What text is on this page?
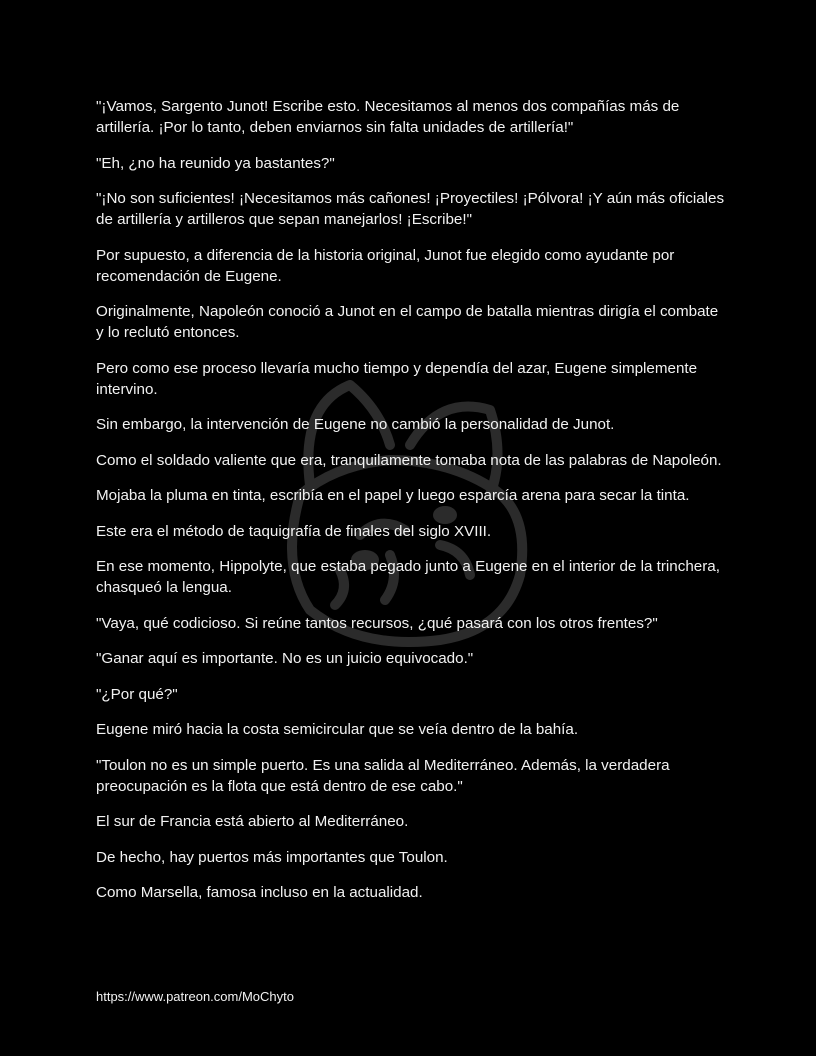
"¡Vamos, Sargento Junot! Escribe esto. Necesitamos al menos dos compañías más de artillería. ¡Por lo tanto, deben enviarnos sin falta unidades de artillería!"

"Eh, ¿no ha reunido ya bastantes?"

"¡No son suficientes! ¡Necesitamos más cañones! ¡Proyectiles! ¡Pólvora! ¡Y aún más oficiales de artillería y artilleros que sepan manejarlos! ¡Escribe!"

Por supuesto, a diferencia de la historia original, Junot fue elegido como ayudante por recomendación de Eugene.

Originalmente, Napoleón conoció a Junot en el campo de batalla mientras dirigía el combate y lo reclutó entonces.

Pero como ese proceso llevaría mucho tiempo y dependía del azar, Eugene simplemente intervino.

Sin embargo, la intervención de Eugene no cambió la personalidad de Junot.

Como el soldado valiente que era, tranquilamente tomaba nota de las palabras de Napoleón.

Mojaba la pluma en tinta, escribía en el papel y luego esparcía arena para secar la tinta.

Este era el método de taquigrafía de finales del siglo XVIII.

En ese momento, Hippolyte, que estaba pegado junto a Eugene en el interior de la trinchera, chasqueó la lengua.

"Vaya, qué codicioso. Si reúne tantos recursos, ¿qué pasará con los otros frentes?"

"Ganar aquí es importante. No es un juicio equivocado."

"¿Por qué?"

Eugene miró hacia la costa semicircular que se veía dentro de la bahía.

"Toulon no es un simple puerto. Es una salida al Mediterráneo. Además, la verdadera preocupación es la flota que está dentro de ese cabo."

El sur de Francia está abierto al Mediterráneo.

De hecho, hay puertos más importantes que Toulon.

Como Marsella, famosa incluso en la actualidad.

https://www.patreon.com/MoChyto
